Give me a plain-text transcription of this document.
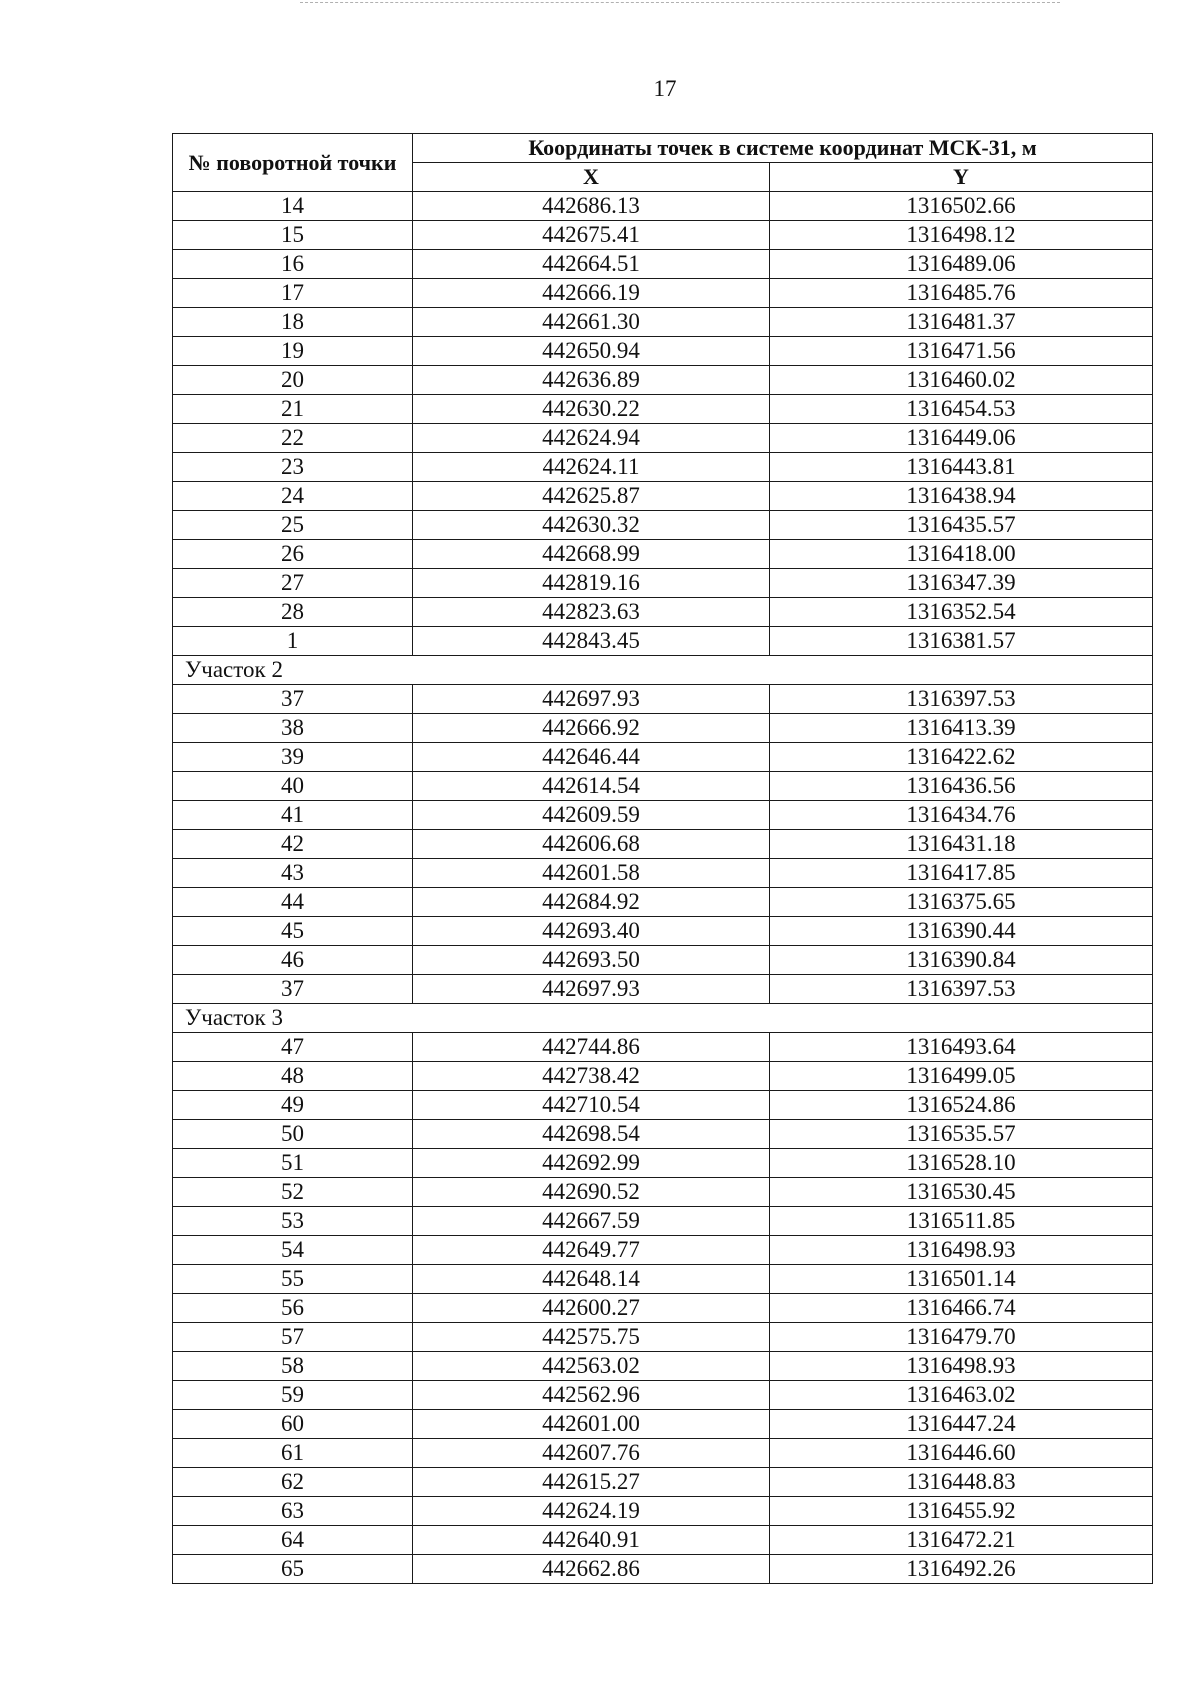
17
№ поворотной точки	Координаты точек в системе координат МСК-31, м	
	X	Y
14	442686.13	1316502.66
15	442675.41	1316498.12
16	442664.51	1316489.06
17	442666.19	1316485.76
18	442661.30	1316481.37
19	442650.94	1316471.56
20	442636.89	1316460.02
21	442630.22	1316454.53
22	442624.94	1316449.06
23	442624.11	1316443.81
24	442625.87	1316438.94
25	442630.32	1316435.57
26	442668.99	1316418.00
27	442819.16	1316347.39
28	442823.63	1316352.54
1	442843.45	1316381.57
Участок 2		
37	442697.93	1316397.53
38	442666.92	1316413.39
39	442646.44	1316422.62
40	442614.54	1316436.56
41	442609.59	1316434.76
42	442606.68	1316431.18
43	442601.58	1316417.85
44	442684.92	1316375.65
45	442693.40	1316390.44
46	442693.50	1316390.84
37	442697.93	1316397.53
Участок 3		
47	442744.86	1316493.64
48	442738.42	1316499.05
49	442710.54	1316524.86
50	442698.54	1316535.57
51	442692.99	1316528.10
52	442690.52	1316530.45
53	442667.59	1316511.85
54	442649.77	1316498.93
55	442648.14	1316501.14
56	442600.27	1316466.74
57	442575.75	1316479.70
58	442563.02	1316498.93
59	442562.96	1316463.02
60	442601.00	1316447.24
61	442607.76	1316446.60
62	442615.27	1316448.83
63	442624.19	1316455.92
64	442640.91	1316472.21
65	442662.86	1316492.26
